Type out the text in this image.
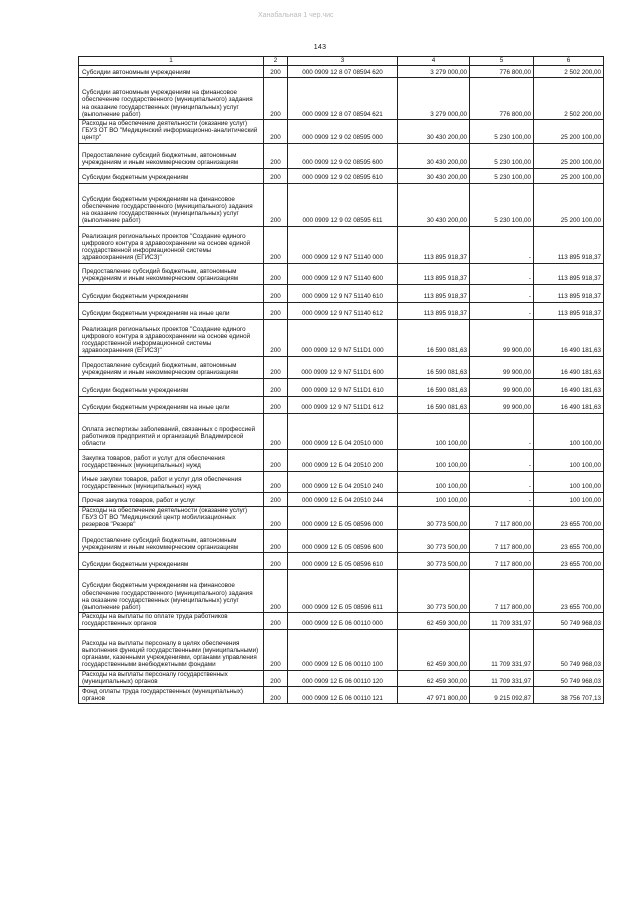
Ханабальная 1 чер.чис
143
1	2	3	4	5	6
Субсидии автономным учреждениям	200	000 0909 12 8 07 08594 620	3 279 000,00	776 800,00	2 502 200,00
Субсидии автономным учреждениям на финансовое обеспечение государственного (муниципального) задания на оказание государственных (муниципальных) услуг (выполнение работ)	200	000 0909 12 8 07 08594 621	3 279 000,00	776 800,00	2 502 200,00
Расходы на обеспечение деятельности (оказание услуг) ГБУЗ ОТ ВО "Медицинский информационно-аналитический центр"	200	000 0909 12 9 02 08595 000	30 430 200,00	5 230 100,00	25 200 100,00
Предоставление субсидий бюджетным, автономным учреждениям и иным некоммерческим организациям	200	000 0909 12 9 02 08595 600	30 430 200,00	5 230 100,00	25 200 100,00
Субсидии бюджетным учреждениям	200	000 0909 12 9 02 08595 610	30 430 200,00	5 230 100,00	25 200 100,00
Субсидии бюджетным учреждениям на финансовое обеспечение государственного (муниципального) задания на оказание государственных (муниципальных) услуг (выполнение работ)	200	000 0909 12 9 02 08595 611	30 430 200,00	5 230 100,00	25 200 100,00
Реализация региональных проектов "Создание единого цифрового контура в здравоохранении на основе единой государственной информационной системы здравоохранения (ЕГИСЗ)"	200	000 0909 12 9 N7 51140 000	113 895 918,37	-	113 895 918,37
Предоставление субсидий бюджетным, автономным учреждениям и иным некоммерческим организациям	200	000 0909 12 9 N7 51140 600	113 895 918,37	-	113 895 918,37
Субсидии бюджетным учреждениям	200	000 0909 12 9 N7 51140 610	113 895 918,37	-	113 895 918,37
Субсидии бюджетным учреждениям на иные цели	200	000 0909 12 9 N7 51140 612	113 895 918,37	-	113 895 918,37
Реализация региональных проектов "Создание единого цифрового контура в здравоохранении на основе единой государственной информационной системы здравоохранения (ЕГИСЗ)"	200	000 0909 12 9 N7 511D1 000	16 590 081,63	99 900,00	16 490 181,63
Предоставление субсидий бюджетным, автономным учреждениям и иным некоммерческим организациям	200	000 0909 12 9 N7 511D1 600	16 590 081,63	99 900,00	16 490 181,63
Субсидии бюджетным учреждениям	200	000 0909 12 9 N7 511D1 610	16 590 081,63	99 900,00	16 490 181,63
Субсидии бюджетным учреждениям на иные цели	200	000 0909 12 9 N7 511D1 612	16 590 081,63	99 900,00	16 490 181,63
Оплата экспертизы заболеваний, связанных с профессией работников предприятий и организаций Владимирской области	200	000 0909 12 Б 04 20510 000	100 100,00	-	100 100,00
Закупка товаров, работ и услуг для обеспечения государственных (муниципальных) нужд	200	000 0909 12 Б 04 20510 200	100 100,00	-	100 100,00
Иные закупки товаров, работ и услуг для обеспечения государственных (муниципальных) нужд	200	000 0909 12 Б 04 20510 240	100 100,00	-	100 100,00
Прочая закупка товаров, работ и услуг	200	000 0909 12 Б 04 20510 244	100 100,00	-	100 100,00
Расходы на обеспечение деятельности (оказание услуг) ГБУЗ ОТ ВО "Медицинский центр мобилизационных резервов "Резерв"	200	000 0909 12 Б 05 08596 000	30 773 500,00	7 117 800,00	23 655 700,00
Предоставление субсидий бюджетным, автономным учреждениям и иным некоммерческим организациям	200	000 0909 12 Б 05 08596 600	30 773 500,00	7 117 800,00	23 655 700,00
Субсидии бюджетным учреждениям	200	000 0909 12 Б 05 08596 610	30 773 500,00	7 117 800,00	23 655 700,00
Субсидии бюджетным учреждениям на финансовое обеспечение государственного (муниципального) задания на оказание государственных (муниципальных) услуг (выполнение работ)	200	000 0909 12 Б 05 08596 611	30 773 500,00	7 117 800,00	23 655 700,00
Расходы на выплаты по оплате труда работников государственных органов	200	000 0909 12 Б 06 00110 000	62 459 300,00	11 709 331,97	50 749 968,03
Расходы на выплаты персоналу в целях обеспечения выполнения функций государственными (муниципальными) органами, казенными учреждениями, органами управления государственными внебюджетными фондами	200	000 0909 12 Б 06 00110 100	62 459 300,00	11 709 331,97	50 749 968,03
Расходы на выплаты персоналу государственных (муниципальных) органов	200	000 0909 12 Б 06 00110 120	62 459 300,00	11 709 331,97	50 749 968,03
Фонд оплаты труда государственных (муниципальных) органов	200	000 0909 12 Б 06 00110 121	47 971 800,00	9 215 092,87	38 756 707,13
